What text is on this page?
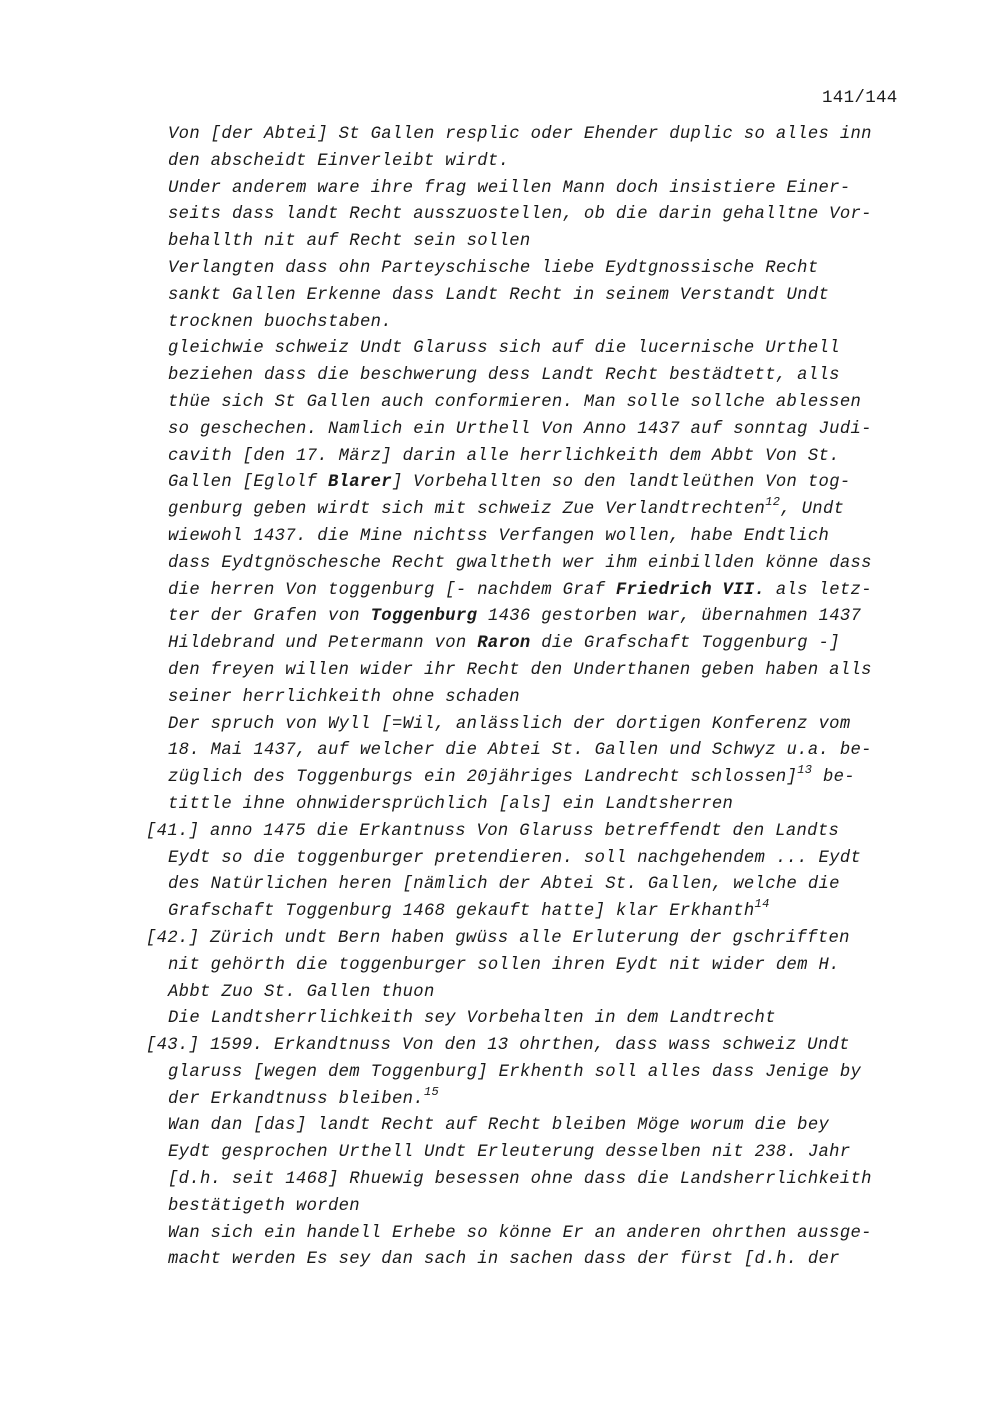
141/144
Von [der Abtei] St Gallen resplic oder Ehender duplic so alles inn
den abscheidt Einverleibt wirdt.
Under anderem ware ihre frag weillen Mann doch insistiere Einer-
seits dass landt Recht ausszuostellen, ob die darin gehalltne Vor-
behallth nit auf Recht sein sollen
Verlangten dass ohn Parteyschische liebe Eydtgnossische Recht
sankt Gallen Erkenne dass Landt Recht in seinem Verstandt Undt
trocknen buochstaben.
gleichwie schweiz Undt Glaruss sich auf die lucernische Urthell
beziehen dass die beschwerung dess Landt Recht bestädtett, alls
thüe sich St Gallen auch conformieren. Man solle sollche ablessen
so geschechen. Namlich ein Urthell Von Anno 1437 auf sonntag Judi-
cavith [den 17. März] darin alle herrlichkeith dem Abbt Von St.
Gallen [Eglolf Blarer] Vorbehallten so den landtleüthen Von tog-
genburg geben wirdt sich mit schweiz Zue Verlandtrechten$^{12}$, Undt
wiewohl 1437. die Mine nichtss Verfangen wollen, habe Endtlich
dass Eydtgnöschesche Recht gwaltheth wer ihm einbillden könne dass
die herren Von toggenburg [- nachdem Graf Friedrich VII. als letz-
ter der Grafen von Toggenburg 1436 gestorben war, übernahmen 1437
Hildebrand und Petermann von Raron die Grafschaft Toggenburg -]
den freyen willen wider ihr Recht den Underthanen geben haben alls
seiner herrlichkeith ohne schaden
Der spruch von Wyll [=Wil, anlässlich der dortigen Konferenz vom
18. Mai 1437, auf welcher die Abtei St. Gallen und Schwyz u.a. be-
züglich des Toggenburgs ein 20jähriges Landrecht schlossen]$^{13}$ be-
tittle ihne ohnwidersprüchlich [als] ein Landtsherren
[41.] anno 1475 die Erkantnuss Von Glaruss betreffendt den Landts
Eydt so die toggenburger pretendieren. soll nachgehendem ... Eydt
des Natürlichen heren [nämlich der Abtei St. Gallen, welche die
Grafschaft Toggenburg 1468 gekauft hatte] klar Erkhanth$^{14}$
[42.] Zürich undt Bern haben gwüss alle Erluterung der gschrifften
nit gehörth die toggenburger sollen ihren Eydt nit wider dem H.
Abbt Zuo St. Gallen thuon
Die Landtsherrlichkeith sey Vorbehalten in dem Landtrecht
[43.] 1599. Erkandtnuss Von den 13 ohrthen, dass wass schweiz Undt
glaruss [wegen dem Toggenburg] Erkhenth soll alles dass Jenige by
der Erkandtnuss bleiben.$^{15}$
Wan dan [das] landt Recht auf Recht bleiben Möge worum die bey
Eydt gesprochen Urthell Undt Erleuterung desselben nit 238. Jahr
[d.h. seit 1468] Rhuewig besessen ohne dass die Landsherrlichkeith
bestätigeth worden
Wan sich ein handell Erhebe so könne Er an anderen ohrthen aussge-
macht werden Es sey dan sach in sachen dass der fürst [d.h. der
